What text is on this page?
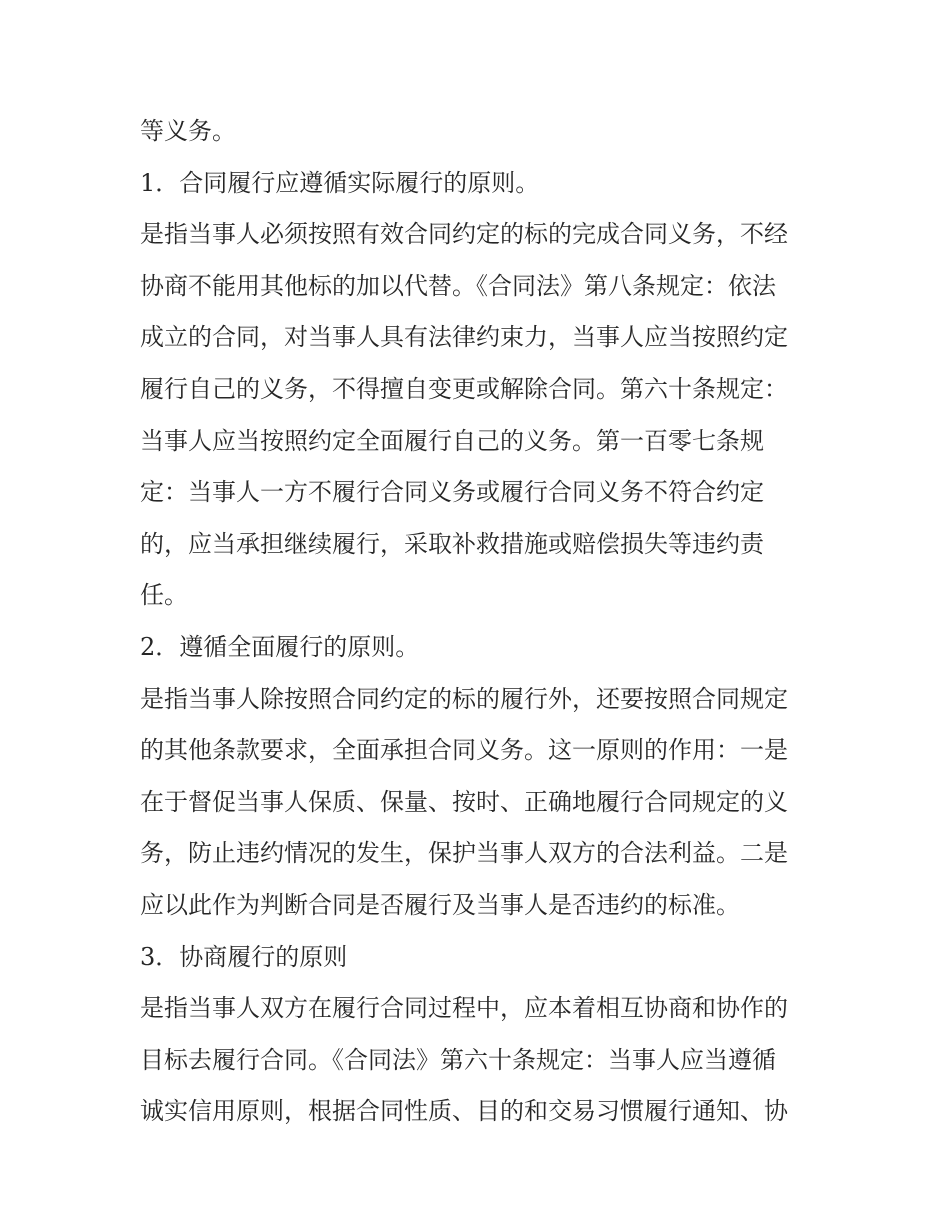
等义务。
1．合同履行应遵循实际履行的原则。
是指当事人必须按照有效合同约定的标的完成合同义务，不经
协商不能用其他标的加以代替。《合同法》第八条规定：依法
成立的合同，对当事人具有法律约束力，当事人应当按照约定
履行自己的义务，不得擅自变更或解除合同。第六十条规定：
当事人应当按照约定全面履行自己的义务。第一百零七条规
定：当事人一方不履行合同义务或履行合同义务不符合约定
的，应当承担继续履行，采取补救措施或赔偿损失等违约责
任。
2．遵循全面履行的原则。
是指当事人除按照合同约定的标的履行外，还要按照合同规定
的其他条款要求，全面承担合同义务。这一原则的作用：一是
在于督促当事人保质、保量、按时、正确地履行合同规定的义
务，防止违约情况的发生，保护当事人双方的合法利益。二是
应以此作为判断合同是否履行及当事人是否违约的标准。
3．协商履行的原则
是指当事人双方在履行合同过程中，应本着相互协商和协作的
目标去履行合同。《合同法》第六十条规定：当事人应当遵循
诚实信用原则，根据合同性质、目的和交易习惯履行通知、协
